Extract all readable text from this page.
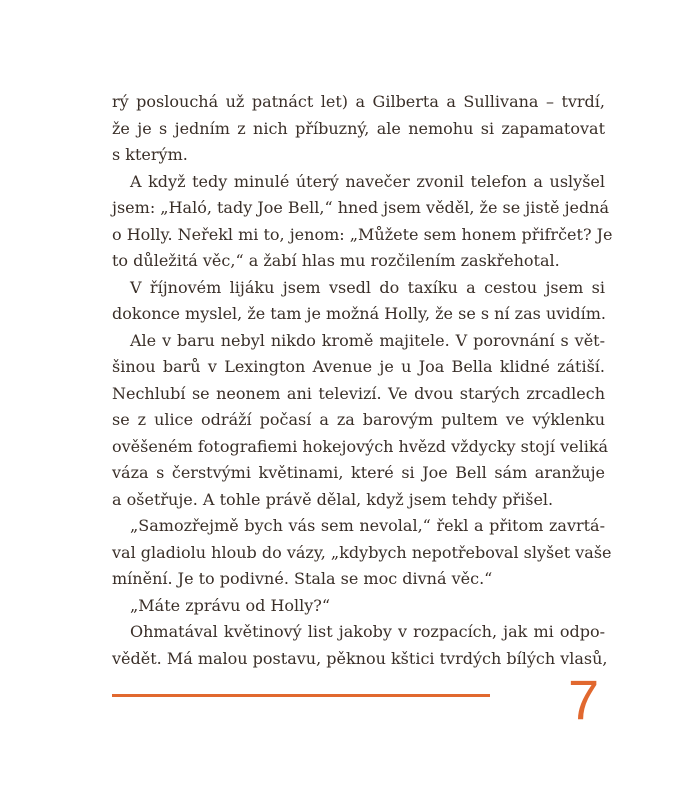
rý poslouchá už patnáct let) a Gilberta a Sullivana – tvrdí,
že je s jedním z nich příbuzný, ale nemohu si zapamatovat
s kterým.
A když tedy minulé úterý navečer zvonil telefon a uslyšel
jsem: „Haló, tady Joe Bell,“ hned jsem věděl, že se jistě jedná
o Holly. Neřekl mi to, jenom: „Můžete sem honem přifrčet? Je
to důležitá věc,“ a žabí hlas mu rozčilením zaskřehotal.
V říjnovém lijáku jsem vsedl do taxíku a cestou jsem si
dokonce myslel, že tam je možná Holly, že se s ní zas uvidím.
Ale v baru nebyl nikdo kromě majitele. V porovnání s vět-
šinou barů v Lexington Avenue je u Joa Bella klidné zátiší.
Nechlubí se neonem ani televizí. Ve dvou starých zrcadlech
se z ulice odráží počasí a za barovým pultem ve výklenku
ověšeném fotografiemi hokejových hvězd vždycky stojí veliká
váza s čerstvými květinami, které si Joe Bell sám aranžuje
a ošetřuje. A tohle právě dělal, když jsem tehdy přišel.
„Samozřejmě bych vás sem nevolal,“ řekl a přitom zavrtá-
val gladiolu hloub do vázy, „kdybych nepotřeboval slyšet vaše
mínění. Je to podivné. Stala se moc divná věc.“
„Máte zprávu od Holly?“
Ohmatával květinový list jakoby v rozpacích, jak mi odpo-
vědět. Má malou postavu, pěknou kštici tvrdých bílých vlasů,
7
